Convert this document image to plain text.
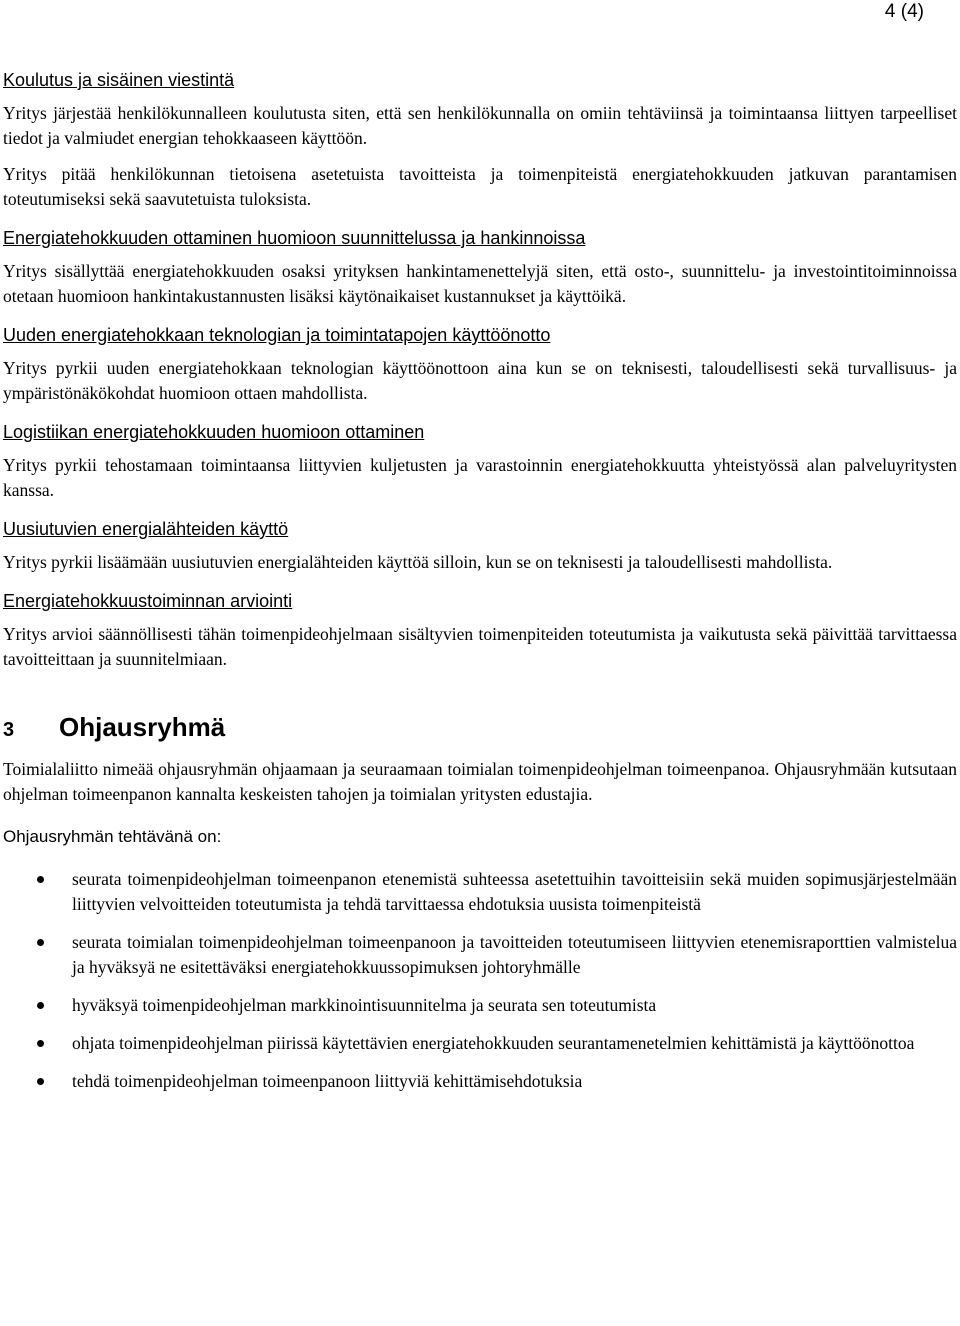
4 (4)
Koulutus ja sisäinen viestintä

Yritys järjestää henkilökunnalleen koulutusta siten, että sen henkilökunnalla on omiin tehtäviinsä ja toimintaansa liittyen tarpeelliset tiedot ja valmiudet energian tehokkaaseen käyttöön.

Yritys pitää henkilökunnan tietoisena asetetuista tavoitteista ja toimenpiteistä energiatehokkuuden jatkuvan parantamisen toteutumiseksi sekä saavutetuista tuloksista.

Energiatehokkuuden ottaminen huomioon suunnittelussa ja hankinnoissa

Yritys sisällyttää energiatehokkuuden osaksi yrityksen hankintamenettelyjä siten, että osto-, suunnittelu- ja investointitoiminnoissa otetaan huomioon hankintakustannusten lisäksi käytönaikaiset kustannukset ja käyttöikä.

Uuden energiatehokkaan teknologian ja toimintatapojen käyttöönotto

Yritys pyrkii uuden energiatehokkaan teknologian käyttöönottoon aina kun se on teknisesti, taloudellisesti sekä turvallisuus- ja ympäristönäkökohdat huomioon ottaen mahdollista.

Logistiikan energiatehokkuuden huomioon ottaminen

Yritys pyrkii tehostamaan toimintaansa liittyvien kuljetusten ja varastoinnin energiatehokkuutta yhteistyössä alan palveluyritysten kanssa.

Uusiutuvien energialähteiden käyttö

Yritys pyrkii lisäämään uusiutuvien energialähteiden käyttöä silloin, kun se on teknisesti ja taloudellisesti mahdollista.

Energiatehokkuustoiminnan arviointi

Yritys arvioi säännöllisesti tähän toimenpideohjelmaan sisältyvien toimenpiteiden toteutumista ja vaikutusta sekä päivittää tarvittaessa tavoitteittaan ja suunnitelmiaan.

3	Ohjausryhmä

Toimialaliitto nimeää ohjausryhmän ohjaamaan ja seuraamaan toimialan toimenpideohjelman toimeenpanoa. Ohjausryhmään kutsutaan ohjelman toimeenpanon kannalta keskeisten tahojen ja toimialan yritysten edustajia.

Ohjausryhmän tehtävänä on:

seurata toimenpideohjelman toimeenpanon etenemistä suhteessa asetettuihin tavoitteisiin sekä muiden sopimusjärjestelmään liittyvien velvoitteiden toteutumista ja tehdä tarvittaessa ehdotuksia uusista toimenpiteistä
seurata toimialan toimenpideohjelman toimeenpanoon ja tavoitteiden toteutumiseen liittyvien etenemisraporttien valmistelua ja hyväksyä ne esitettäväksi energiatehokkuussopimuksen johtoryhmälle
hyväksyä toimenpideohjelman markkinointisuunnitelma ja seurata sen toteutumista
ohjata toimenpideohjelman piirissä käytettävien energiatehokkuuden seurantamenetelmien kehittämistä ja käyttöönottoa
tehdä toimenpideohjelman toimeenpanoon liittyviä kehittämisehdotuksia
